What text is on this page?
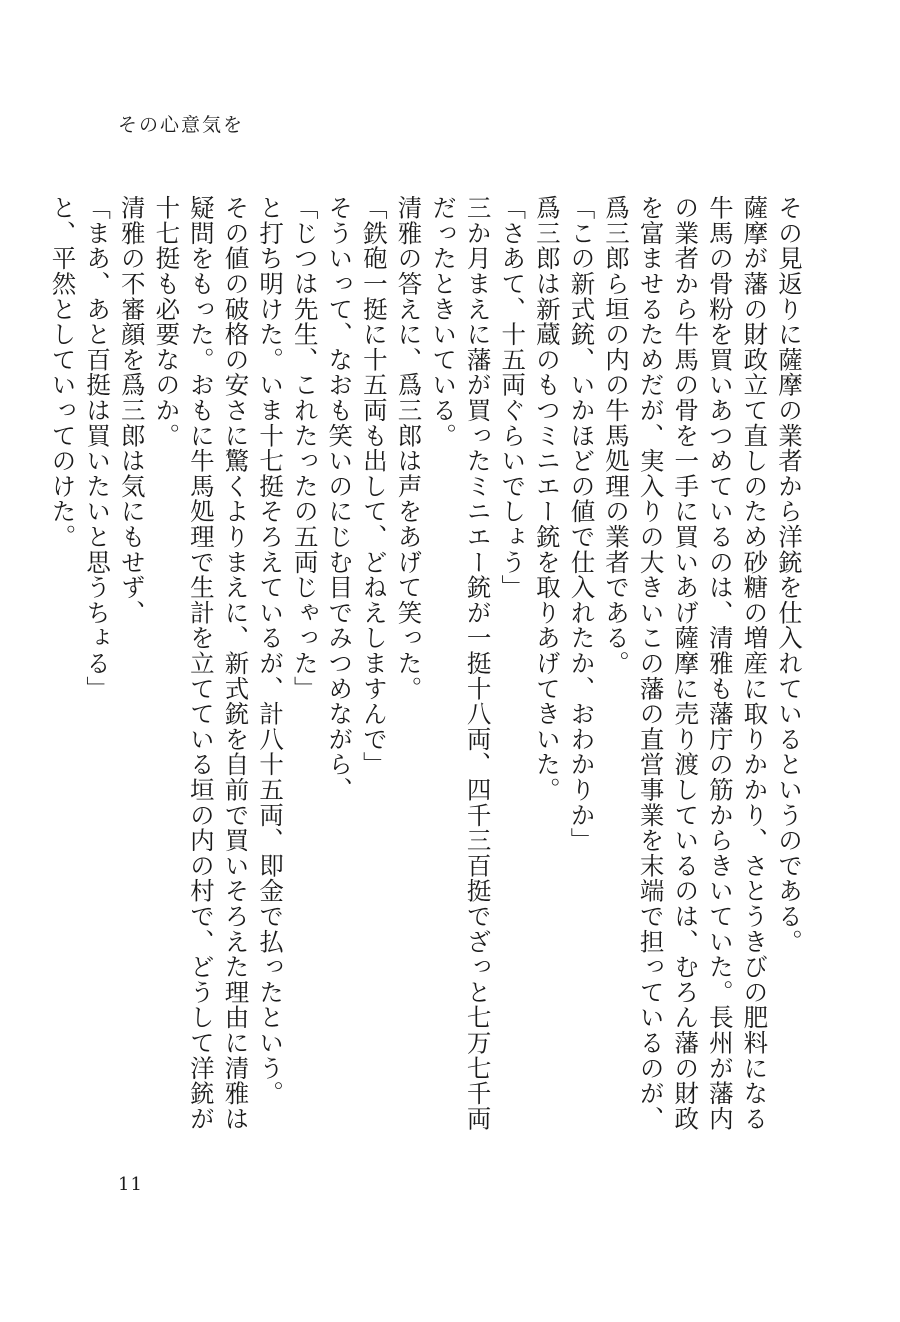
その心意気を

その見返りに薩摩の業者から洋銃を仕入れているというのである。

薩摩が藩の財政立て直しのため砂糖の増産に取りかかり、さとうきびの肥料になる牛馬の骨粉を買いあつめているのは、清雅も藩庁の筋からきいていた。長州が藩内の業者から牛馬の骨を一手に買いあげ薩摩に売り渡しているのは、むろん藩の財政を富ませるためだが、実入りの大きいこの藩の直営事業を末端で担っているのが、爲三郎ら垣の内の牛馬処理の業者である。

「この新式銃、いかほどの値で仕入れたか、おわかりか」

爲三郎は新蔵のもつミニエー銃を取りあげてきいた。

「さあて、十五両ぐらいでしょう」

三か月まえに藩が買ったミニエー銃が一挺十八両、四千三百挺でざっと七万七千両だったときいている。

清雅の答えに、爲三郎は声をあげて笑った。

「鉄砲一挺に十五両も出して、どねえしますんで」

そういって、なおも笑いのにじむ目でみつめながら、

「じつは先生、これたったの五両じゃった」

と打ち明けた。いま十七挺そろえているが、計八十五両、即金で払ったという。

その値の破格の安さに驚くよりまえに、新式銃を自前で買いそろえた理由に清雅は疑問をもった。おもに牛馬処理で生計を立てている垣の内の村で、どうして洋銃が十七挺も必要なのか。

清雅の不審顔を爲三郎は気にもせず、

「まあ、あと百挺は買いたいと思うちょる」

と、平然としていってのけた。

11
